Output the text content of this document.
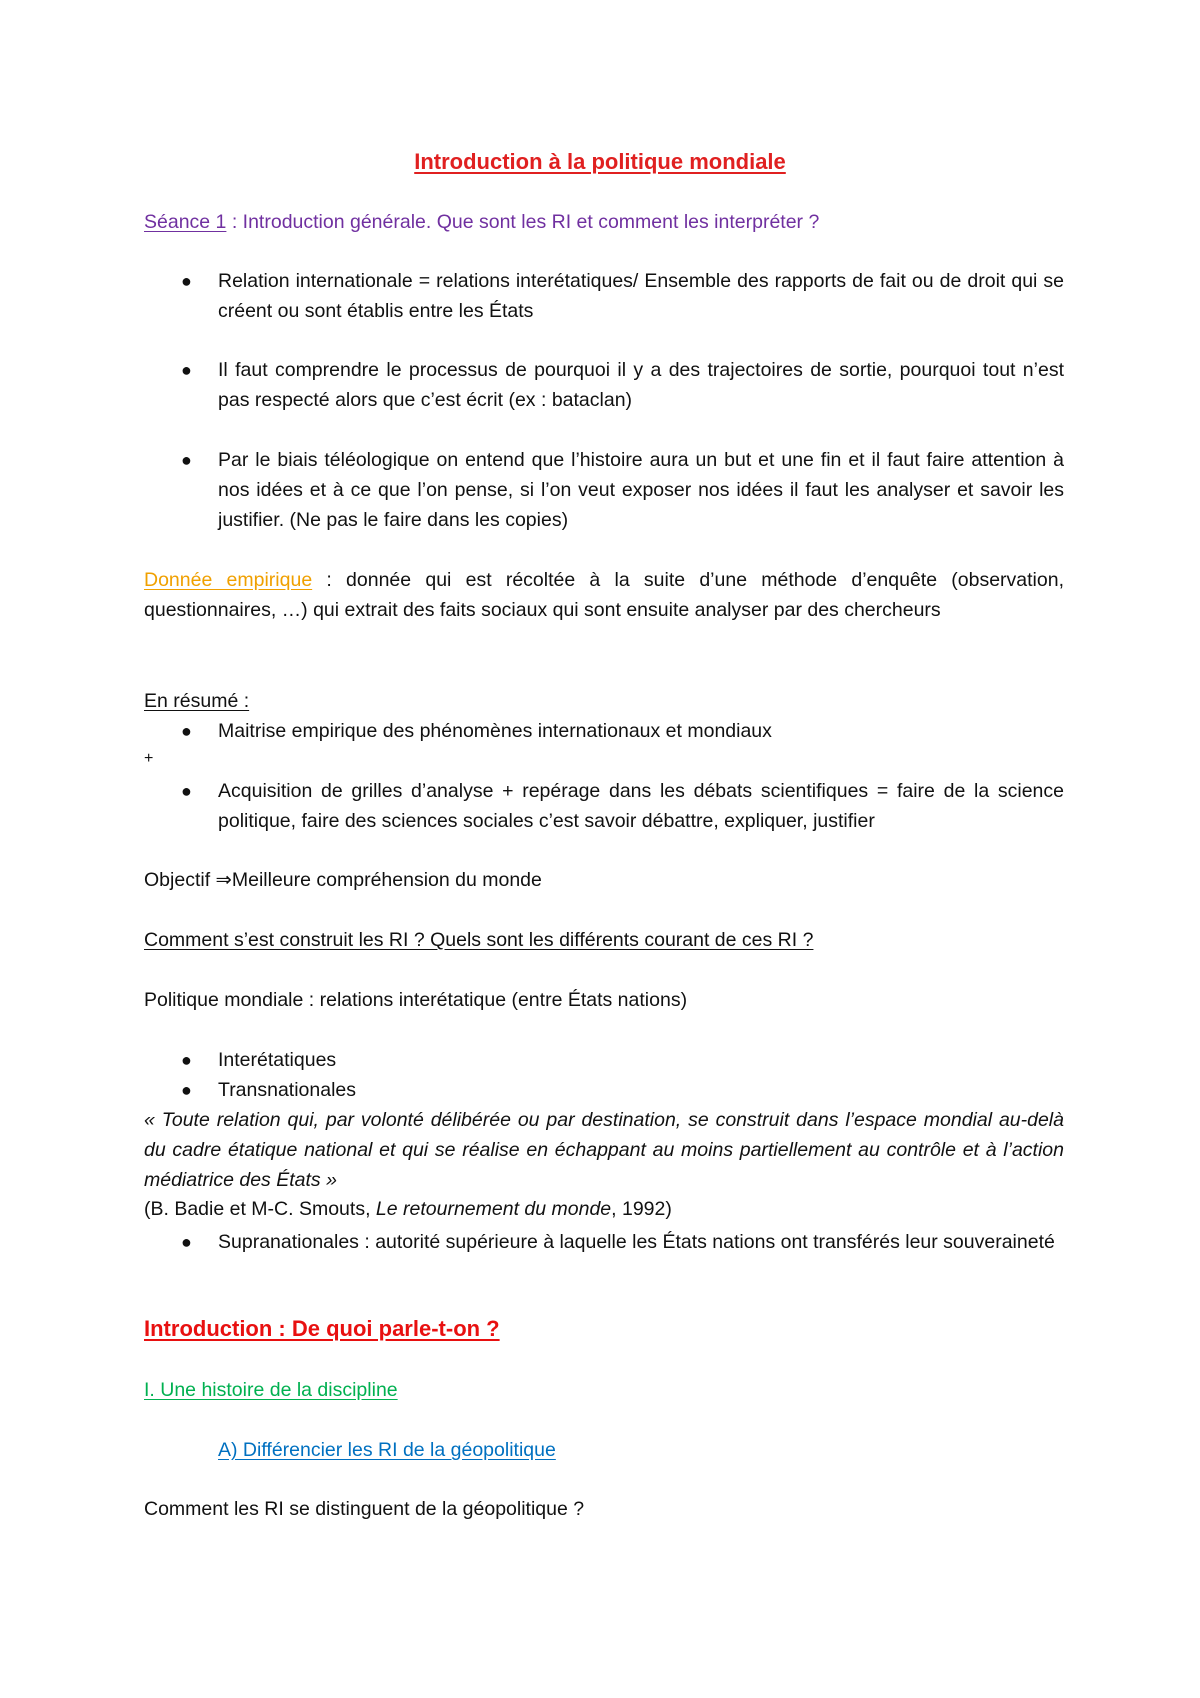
Introduction à la politique mondiale
Séance 1 : Introduction générale. Que sont les RI et comment les interpréter ?
● Relation internationale = relations interétatiques/ Ensemble des rapports de fait ou de droit qui se créent ou sont établis entre les États
● Il faut comprendre le processus de pourquoi il y a des trajectoires de sortie, pourquoi tout n’est pas respecté alors que c’est écrit (ex : bataclan)
● Par le biais téléologique on entend que l’histoire aura un but et une fin et il faut faire attention à nos idées et à ce que l’on pense, si l’on veut exposer nos idées il faut les analyser et savoir les justifier. (Ne pas le faire dans les copies)
Donnée empirique : donnée qui est récoltée à la suite d’une méthode d’enquête (observation, questionnaires, …) qui extrait des faits sociaux qui sont ensuite analyser par des chercheurs
En résumé :
● Maitrise empirique des phénomènes internationaux et mondiaux
+
● Acquisition de grilles d’analyse + repérage dans les débats scientifiques = faire de la science politique, faire des sciences sociales c’est savoir débattre, expliquer, justifier
Objectif ⇒Meilleure compréhension du monde
Comment s’est construit les RI ? Quels sont les différents courant de ces RI ?
Politique mondiale : relations interétatique (entre États nations)
● Interétatiques
● Transnationales
« Toute relation qui, par volonté délibérée ou par destination, se construit dans l’espace mondial au-delà du cadre étatique national et qui se réalise en échappant au moins partiellement au contrôle et à l’action médiatrice des États »
(B. Badie et M-C. Smouts, Le retournement du monde, 1992)
● Supranationales : autorité supérieure à laquelle les États nations ont transférés leur souveraineté
Introduction : De quoi parle-t-on ?
I. Une histoire de la discipline
A) Différencier les RI de la géopolitique
Comment les RI se distinguent de la géopolitique ?
